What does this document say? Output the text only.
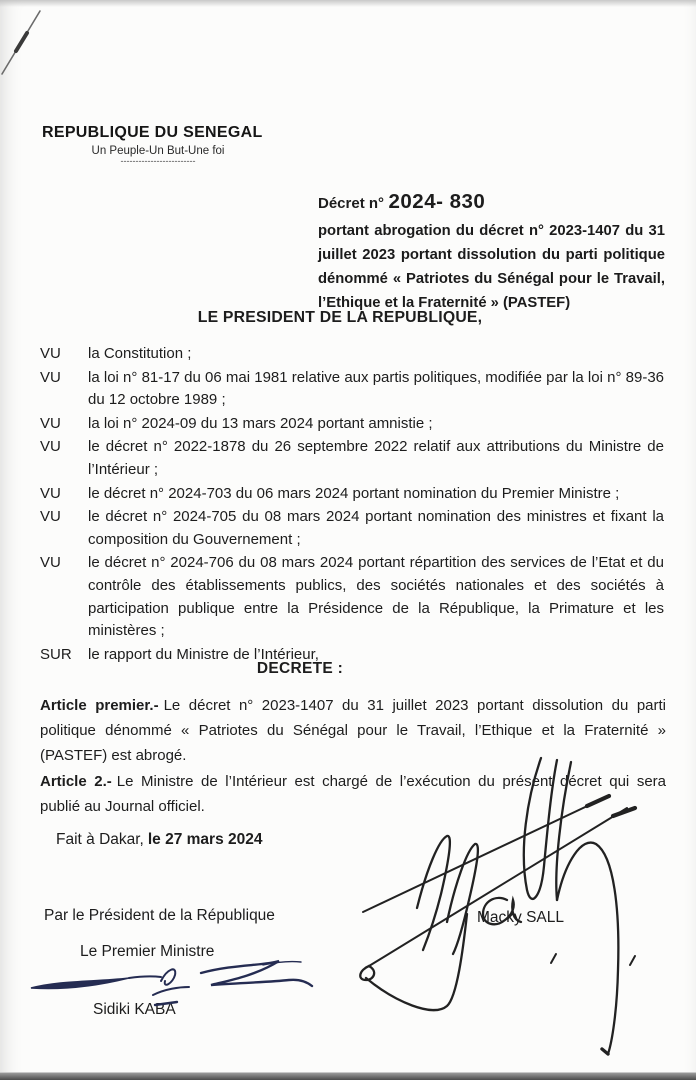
REPUBLIQUE DU SENEGAL
Un Peuple-Un But-Une foi
-------------------------
Décret n° 2024- 830
portant abrogation du décret n° 2023-1407 du 31 juillet 2023 portant dissolution du parti politique dénommé « Patriotes du Sénégal pour le Travail, l’Ethique et la Fraternité » (PASTEF)
LE PRESIDENT DE LA REPUBLIQUE,
VU	la Constitution ;
VU	la loi n° 81-17 du 06 mai 1981 relative aux partis politiques, modifiée par la loi n° 89-36 du 12 octobre 1989 ;
VU	la loi n° 2024-09 du 13 mars 2024 portant amnistie ;
VU	le décret n° 2022-1878 du 26 septembre 2022 relatif aux attributions du Ministre de l’Intérieur ;
VU	le décret n° 2024-703 du 06 mars 2024 portant nomination du Premier Ministre ;
VU	le décret n° 2024-705 du 08 mars 2024 portant nomination des ministres et fixant la composition du Gouvernement ;
VU	le décret n° 2024-706 du 08 mars 2024 portant répartition des services de l’Etat et du contrôle des établissements publics, des sociétés nationales et des sociétés à participation publique entre la Présidence de la République, la Primature et les ministères ;
SUR	le rapport du Ministre de l’Intérieur,
DECRETE :
Article premier.- Le décret n° 2023-1407 du 31 juillet 2023 portant dissolution du parti politique dénommé « Patriotes du Sénégal pour le Travail, l’Ethique et la Fraternité » (PASTEF) est abrogé.
Article 2.- Le Ministre de l’Intérieur est chargé de l’exécution du présent décret qui sera publié au Journal officiel.
Fait à Dakar, le 27 mars 2024
Par le Président de la République
Le Premier Ministre
Sidiki KABA
Macky SALL
